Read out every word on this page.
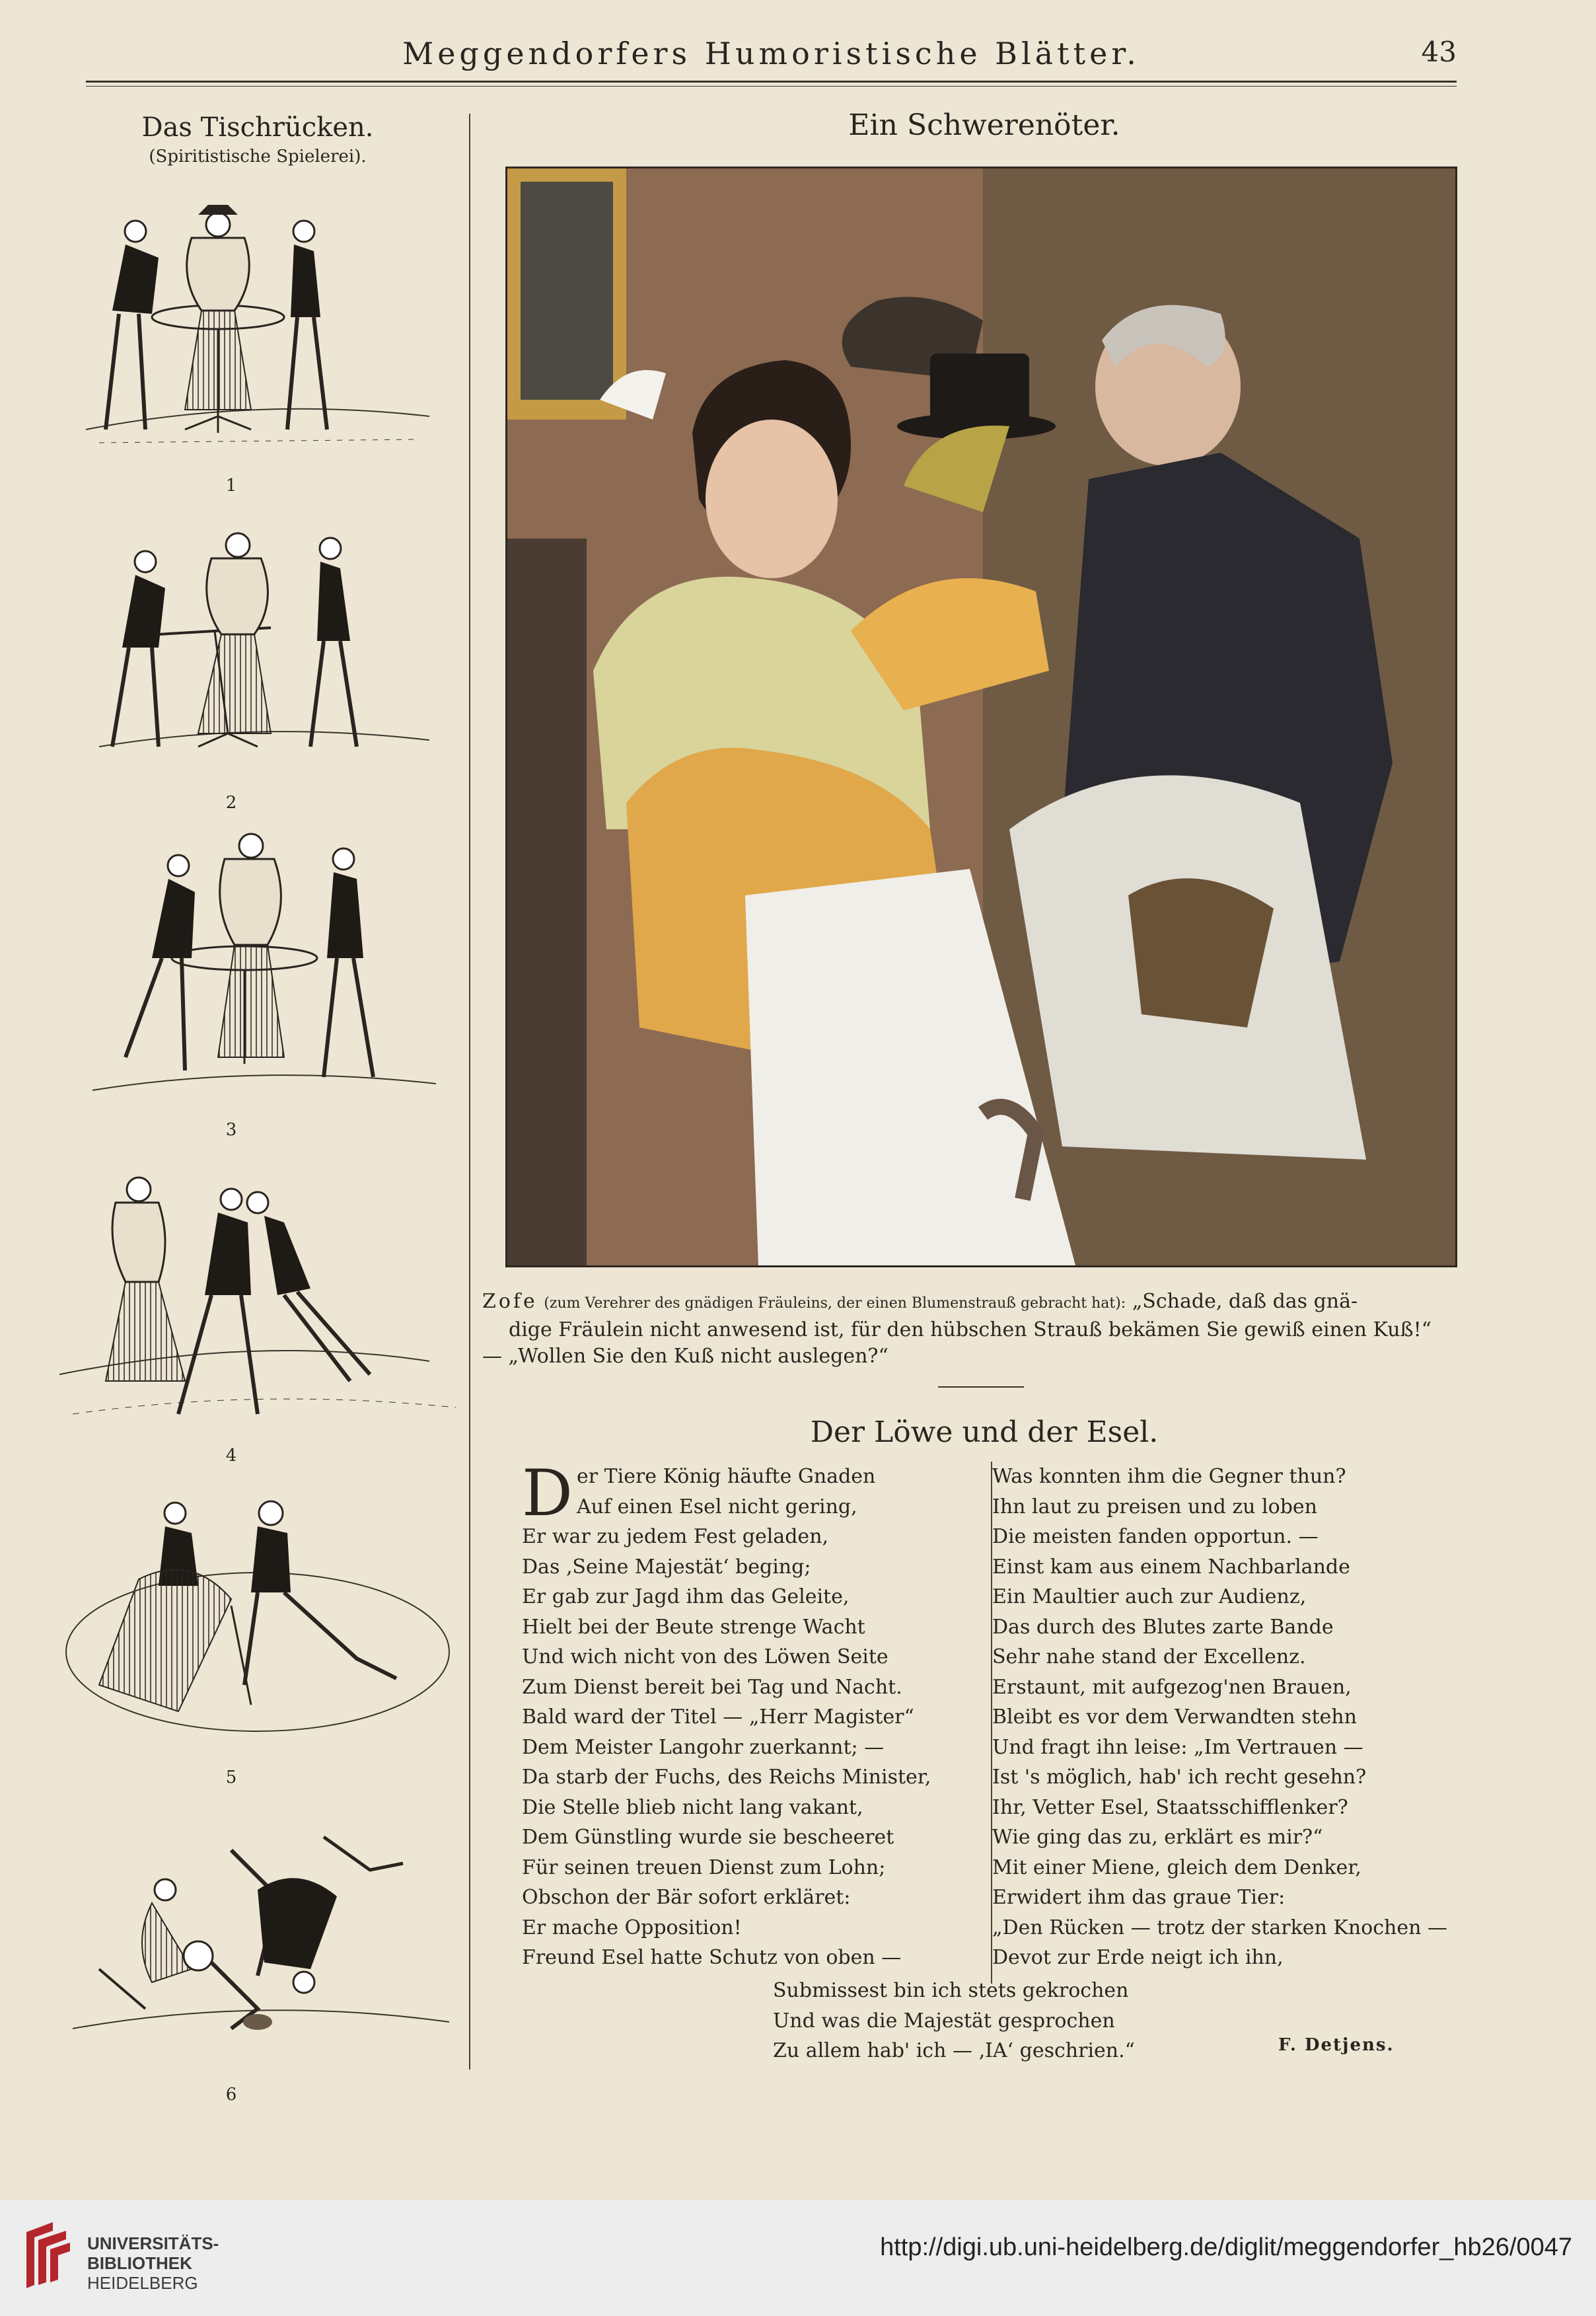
Meggendorfers Humoristische Blätter.	43
Das Tischrücken.
(Spiritistische Spielerei).
1
2
3
4
5
6
Ein Schwerenöter.
Zofe (zum Verehrer des gnädigen Fräuleins, der einen Blumenstrauß gebracht hat): „Schade, daß das gnä-
dige Fräulein nicht anwesend ist, für den hübschen Strauß bekämen Sie gewiß einen Kuß!“
— „Wollen Sie den Kuß nicht auslegen?“
Der Löwe und der Esel.
D er Tiere König häufte Gnaden
Auf einen Esel nicht gering,
Er war zu jedem Fest geladen,
Das ‚Seine Majestät‘ beging;
Er gab zur Jagd ihm das Geleite,
Hielt bei der Beute strenge Wacht
Und wich nicht von des Löwen Seite
Zum Dienst bereit bei Tag und Nacht.
Bald ward der Titel — „Herr Magister“
Dem Meister Langohr zuerkannt; —
Da starb der Fuchs, des Reichs Minister,
Die Stelle blieb nicht lang vakant,
Dem Günstling wurde sie bescheeret
Für seinen treuen Dienst zum Lohn;
Obschon der Bär sofort erkläret:
Er mache Opposition!
Freund Esel hatte Schutz von oben —
Was konnten ihm die Gegner thun?
Ihn laut zu preisen und zu loben
Die meisten fanden opportun. —
Einst kam aus einem Nachbarlande
Ein Maultier auch zur Audienz,
Das durch des Blutes zarte Bande
Sehr nahe stand der Excellenz.
Erstaunt, mit aufgezog'nen Brauen,
Bleibt es vor dem Verwandten stehn
Und fragt ihn leise: „Im Vertrauen —
Ist 's möglich, hab' ich recht gesehn?
Ihr, Vetter Esel, Staatsschifflenker?
Wie ging das zu, erklärt es mir?“
Mit einer Miene, gleich dem Denker,
Erwidert ihm das graue Tier:
„Den Rücken — trotz der starken Knochen —
Devot zur Erde neigt ich ihn,
Submissest bin ich stets gekrochen
Und was die Majestät gesprochen
Zu allem hab' ich — ‚IA‘ geschrien.“	F. Detjens.
UNIVERSITÄTS-
BIBLIOTHEK
HEIDELBERG
http://digi.ub.uni-heidelberg.de/diglit/meggendorfer_hb26/0047
